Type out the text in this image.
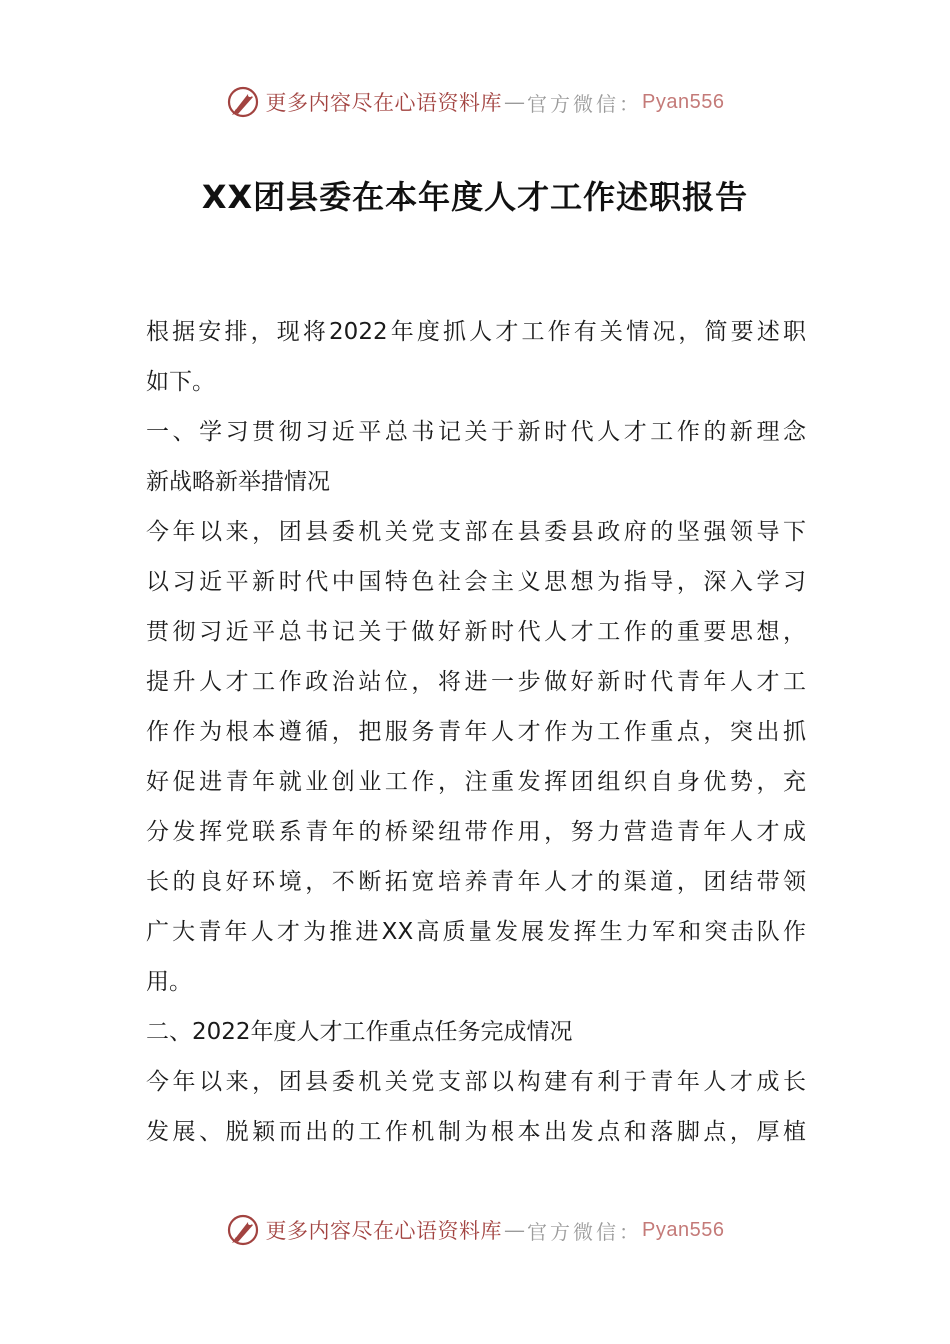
更多内容尽在心语资料库 — 官方微信： Pyan556
XX团县委在本年度人才工作述职报告
根据安排，现将2022年度抓人才工作有关情况，简要述职
如下。
一、学习贯彻习近平总书记关于新时代人才工作的新理念
新战略新举措情况
今年以来，团县委机关党支部在县委县政府的坚强领导下
以习近平新时代中国特色社会主义思想为指导，深入学习
贯彻习近平总书记关于做好新时代人才工作的重要思想，
提升人才工作政治站位，将进一步做好新时代青年人才工
作作为根本遵循，把服务青年人才作为工作重点，突出抓
好促进青年就业创业工作，注重发挥团组织自身优势，充
分发挥党联系青年的桥梁纽带作用，努力营造青年人才成
长的良好环境，不断拓宽培养青年人才的渠道，团结带领
广大青年人才为推进XX高质量发展发挥生力军和突击队作
用。
二、2022年度人才工作重点任务完成情况
今年以来，团县委机关党支部以构建有利于青年人才成长
发展、脱颖而出的工作机制为根本出发点和落脚点，厚植
更多内容尽在心语资料库 — 官方微信： Pyan556
